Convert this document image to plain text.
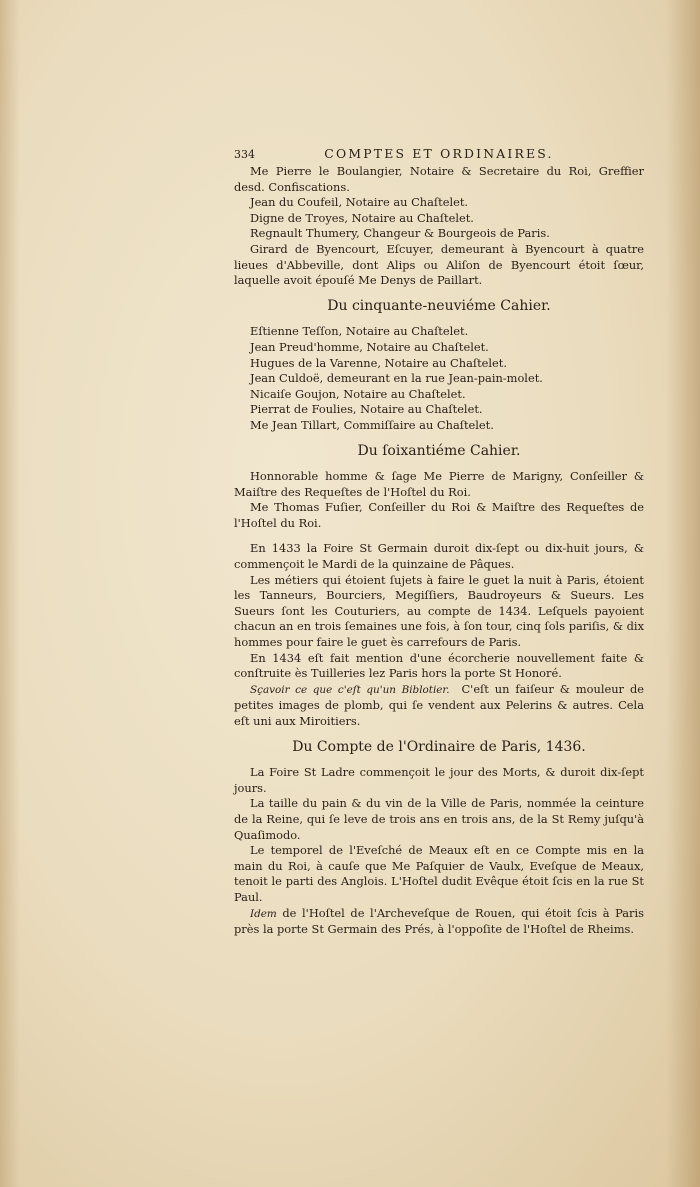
334	COMPTES ET ORDINAIRES.

Me Pierre le Boulangier, Notaire & Secretaire du Roi, Greffier desd. Confiscations.

Jean du Coufeil, Notaire au Chaſtelet.

Digne de Troyes, Notaire au Chaſtelet.

Regnault Thumery, Changeur & Bourgeois de Paris.

Girard de Byencourt, Eſcuyer, demeurant à Byencourt à quatre lieues d'Abbeville, dont Alips ou Aliſon de Byencourt étoit ſœur, laquelle avoit épouſé Me Denys de Paillart.

Du cinquante-neuviéme Cahier.

Eſtienne Teſſon, Notaire au Chaſtelet.

Jean Preud'homme, Notaire au Chaſtelet.

Hugues de la Varenne, Notaire au Chaſtelet.

Jean Culdoë, demeurant en la rue Jean-pain-molet.

Nicaiſe Goujon, Notaire au Chaſtelet.

Pierrat de Foulies, Notaire au Chaſtelet.

Me Jean Tillart, Commiſſaire au Chaſtelet.

Du ſoixantiéme Cahier.

Honnorable homme & ſage Me Pierre de Marigny, Conſeiller & Maiſtre des Requeſtes de l'Hoſtel du Roi.

Me Thomas Fuſier, Conſeiller du Roi & Maiſtre des Requeſtes de l'Hoſtel du Roi.

En 1433 la Foire St Germain duroit dix-ſept ou dix-huit jours, & commençoit le Mardi de la quinzaine de Pâques.

Les métiers qui étoient ſujets à faire le guet la nuit à Paris, étoient les Tanneurs, Bourciers, Megiſſiers, Baudroyeurs & Sueurs. Les Sueurs ſont les Couturiers, au compte de 1434. Leſquels payoient chacun an en trois ſemaines une fois, à ſon tour, cinq ſols pariſis, & dix hommes pour faire le guet ès carrefours de Paris.

En 1434 eſt fait mention d'une écorcherie nouvellement faite & conſtruite ès Tuilleries lez Paris hors la porte St Honoré.

Sçavoir ce que c'eſt qu'un Biblotier. C'eſt un faiſeur & mouleur de petites images de plomb, qui ſe vendent aux Pelerins & autres. Cela eſt uni aux Miroitiers.

Du Compte de l'Ordinaire de Paris, 1436.

La Foire St Ladre commençoit le jour des Morts, & duroit dix-ſept jours.

La taille du pain & du vin de la Ville de Paris, nommée la ceinture de la Reine, qui ſe leve de trois ans en trois ans, de la St Remy juſqu'à Quaſimodo.

Le temporel de l'Eveſché de Meaux eſt en ce Compte mis en la main du Roi, à cauſe que Me Paſquier de Vaulx, Eveſque de Meaux, tenoit le parti des Anglois. L'Hoſtel dudit Evêque étoit ſcis en la rue St Paul.

Idem de l'Hoſtel de l'Archeveſque de Rouen, qui étoit ſcis à Paris près la porte St Germain des Prés, à l'oppoſite de l'Hoſtel de Rheims.
